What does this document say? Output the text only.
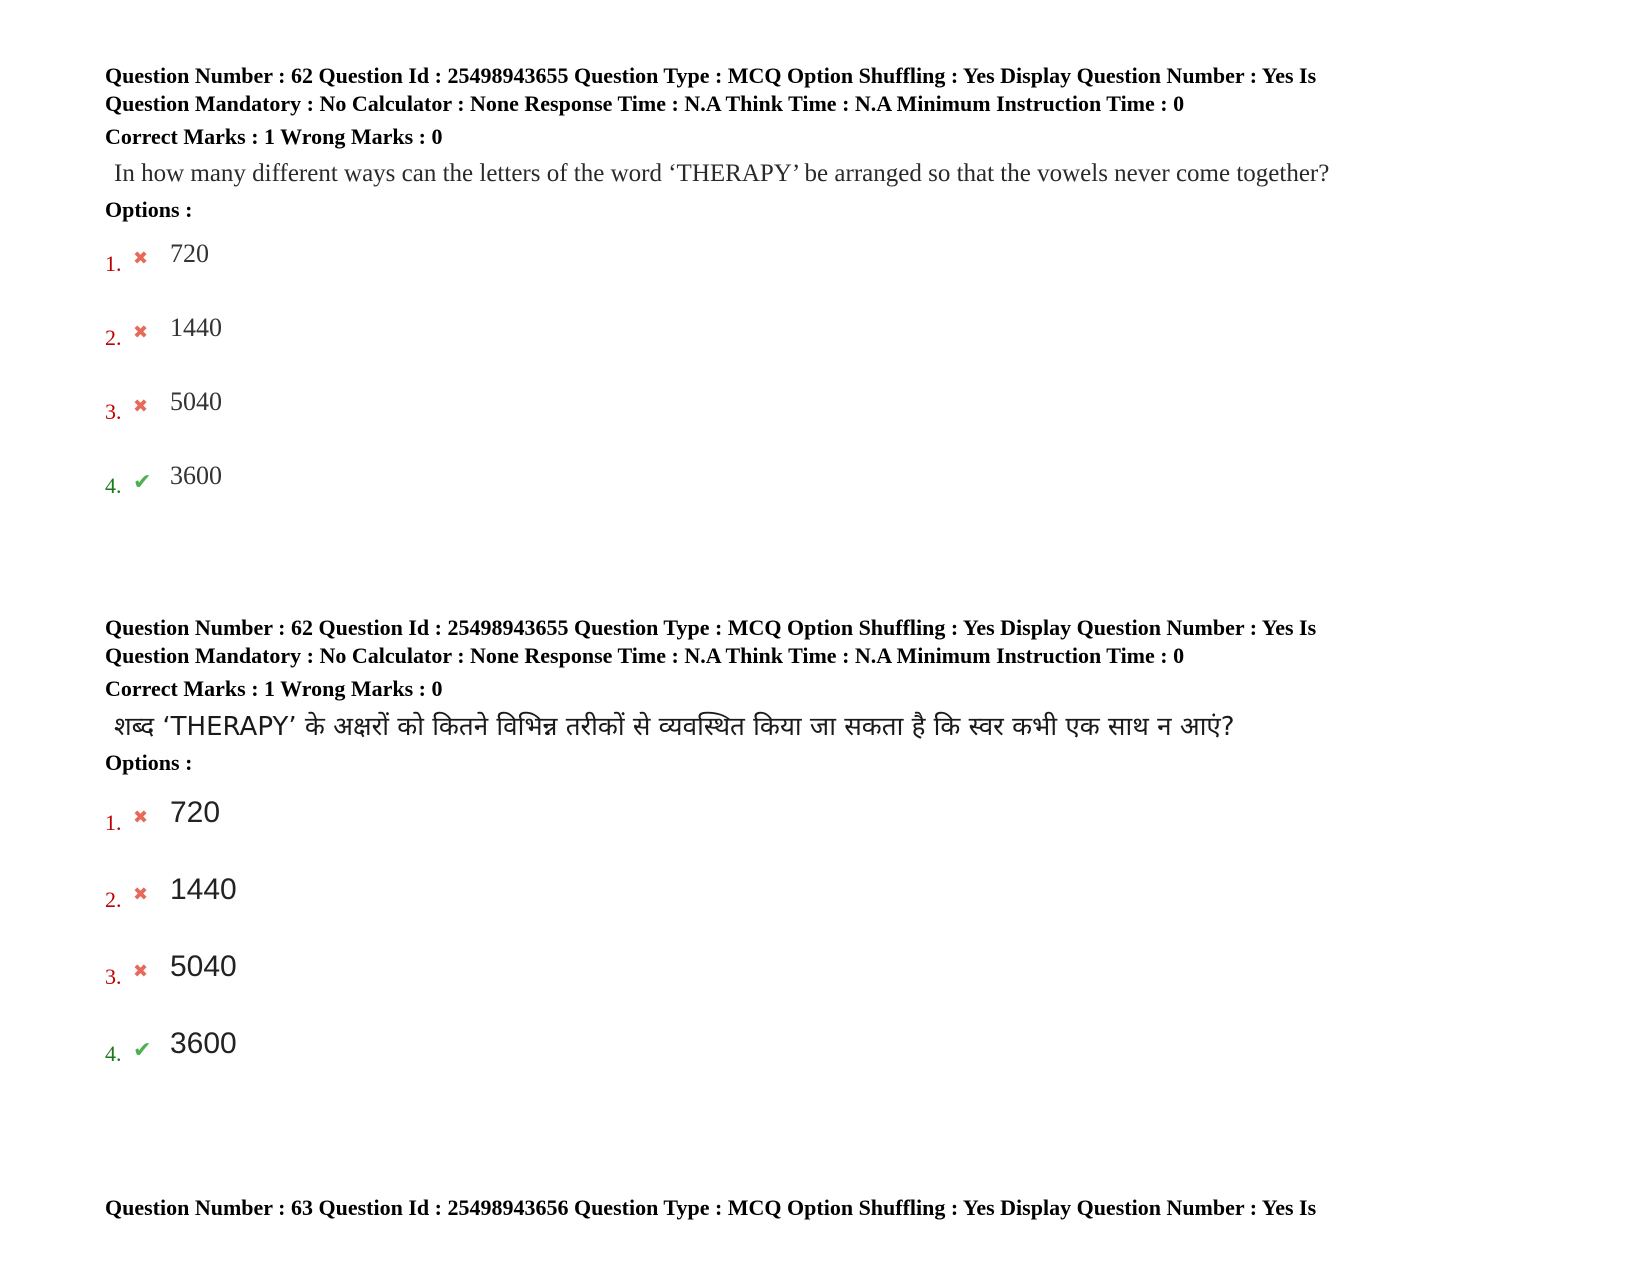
Question Number : 62 Question Id : 25498943655 Question Type : MCQ Option Shuffling : Yes Display Question Number : Yes Is

Question Mandatory : No Calculator : None Response Time : N.A Think Time : N.A Minimum Instruction Time : 0

Correct Marks : 1 Wrong Marks : 0

In how many different ways can the letters of the word ‘THERAPY’ be arranged so that the vowels never come together?

Options :

1. ✖ 720
2. ✖ 1440
3. ✖ 5040
4. ✔ 3600

Question Number : 62 Question Id : 25498943655 Question Type : MCQ Option Shuffling : Yes Display Question Number : Yes Is

Question Mandatory : No Calculator : None Response Time : N.A Think Time : N.A Minimum Instruction Time : 0

Correct Marks : 1 Wrong Marks : 0

शब्द ‘THERAPY’ के अक्षरों को कितने विभिन्न तरीकों से व्यवस्थित किया जा सकता है कि स्वर कभी एक साथ न आएं?

Options :

1. ✖ 720
2. ✖ 1440
3. ✖ 5040
4. ✔ 3600

Question Number : 63 Question Id : 25498943656 Question Type : MCQ Option Shuffling : Yes Display Question Number : Yes Is
